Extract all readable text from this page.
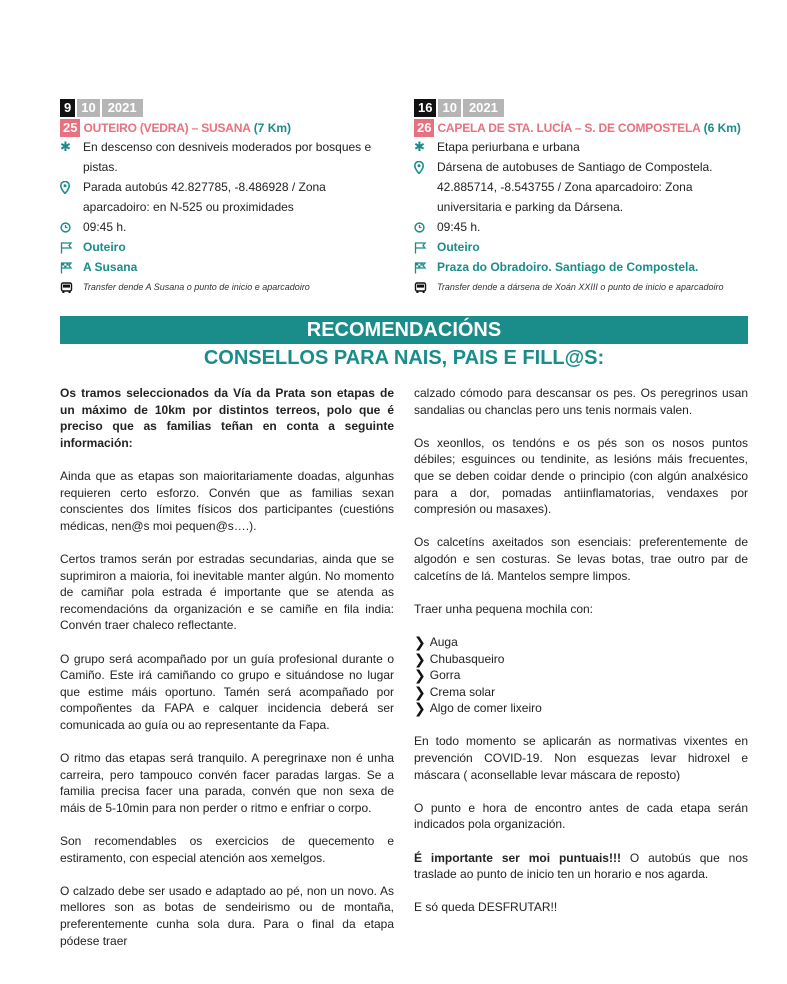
9 10 2021
25 OUTEIRO (VEDRA) – SUSANA (7 Km)
✱	En descenso con desniveis moderados por bosques e pistas.
Parada autobús 42.827785, -8.486928 / Zona aparcadoiro: en N-525 ou proximidades
09:45 h.
Outeiro
A Susana
Transfer dende A Susana o punto de inicio e aparcadoiro
16 10 2021
26 CAPELA DE STA. LUCÍA – S. DE COMPOSTELA (6 Km)
✱	Etapa periurbana e urbana
Dársena de autobuses de Santiago de Compostela. 42.885714, -8.543755 / Zona aparcadoiro: Zona universitaria e parking da Dársena.
09:45 h.
Outeiro
Praza do Obradoiro. Santiago de Compostela.
Transfer dende a dársena de Xoán XXIII o punto de inicio e aparcadoiro
RECOMENDACIÓNS
CONSELLOS PARA NAIS, PAIS E FILL@S:

Os tramos seleccionados da Vía da Prata son etapas de un máximo de 10km por distintos terreos, polo que é preciso que as familias teñan en conta a seguinte información:

Ainda que as etapas son maioritariamente doadas, algunhas requieren certo esforzo. Convén que as familias sexan conscientes dos límites físicos dos participantes (cuestións médicas, nen@s moi pequen@s….).

Certos tramos serán por estradas secundarias, ainda que se suprimiron a maioria, foi inevitable manter algún. No momento de camiñar pola estrada é importante que se atenda as recomendacións da organización e se camiñe en fila india: Convén traer chaleco reflectante.

O grupo será acompañado por un guía profesional durante o Camiño. Este irá camiñando co grupo e situándose no lugar que estime máis oportuno. Tamén será acompañado por compoñentes da FAPA e calquer incidencia deberá ser comunicada ao guía ou ao representante da Fapa.

O ritmo das etapas será tranquilo. A peregrinaxe non é unha carreira, pero tampouco convén facer paradas largas. Se a familia precisa facer una parada, convén que non sexa de máis de 5-10min para non perder o ritmo e enfriar o corpo.

Son recomendables os exercicios de quecemento e estiramento, con especial atención aos xemelgos.

O calzado debe ser usado e adaptado ao pé, non un novo. As mellores son as botas de sendeirismo ou de montaña, preferentemente cunha sola dura. Para o final da etapa pódese traer

calzado cómodo para descansar os pes. Os peregrinos usan sandalias ou chanclas pero uns tenis normais valen.

Os xeonllos, os tendóns e os pés son os nosos puntos débiles; esguinces ou tendinite, as lesións máis frecuentes, que se deben coidar dende o principio (con algún analxésico para a dor, pomadas antiinflamatorias, vendaxes por compresión ou masaxes).

Os calcetíns axeitados son esenciais: preferentemente de algodón e sen costuras. Se levas botas, trae outro par de calcetíns de lá. Mantelos sempre limpos.

Traer unha pequena mochila con:

❯ Auga
❯ Chubasqueiro
❯ Gorra
❯ Crema solar
❯ Algo de comer lixeiro

En todo momento se aplicarán as normativas vixentes en prevención COVID-19. Non esquezas levar hidroxel e máscara ( aconsellable levar máscara de reposto)

O punto e hora de encontro antes de cada etapa serán indicados pola organización.

É importante ser moi puntuais!!! O autobús que nos traslade ao punto de inicio ten un horario e nos agarda.

E só queda DESFRUTAR!!
